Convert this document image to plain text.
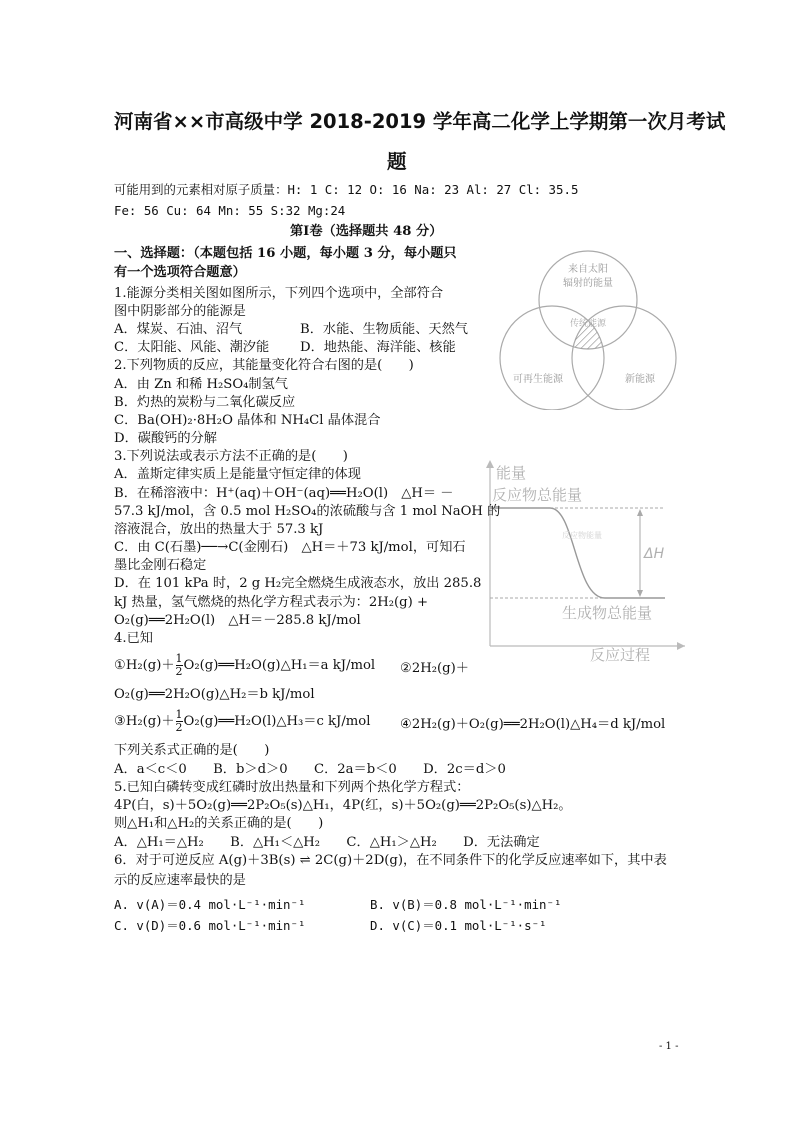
河南省××市高级中学 2018-2019 学年高二化学上学期第一次月考试
题
可能用到的元素相对原子质量：H: 1 C: 12 O: 16 Na: 23 Al: 27 Cl: 35.5
Fe: 56 Cu: 64 Mn: 55 S:32 Mg:24
第Ⅰ卷（选择题共 48 分）
一、选择题：（本题包括 16 小题，每小题 3 分，每小题只
有一个选项符合题意）
1.能源分类相关图如图所示，下列四个选项中，全部符合
图中阴影部分的能源是
A．煤炭、石油、沼气	B．水能、生物质能、天然气
C．太阳能、风能、潮汐能 D．地热能、海洋能、核能
来自太阳
辐射的能量
传统能源
可再生能源	新能源
2.下列物质的反应，其能量变化符合右图的是(　　)
A．由 Zn 和稀 H₂SO₄制氢气
B．灼热的炭粉与二氧化碳反应
C．Ba(OH)₂·8H₂O 晶体和 NH₄Cl 晶体混合
D．碳酸钙的分解
能量
反应物总能量
反应物能量
ΔH
生成物总能量
反应过程
3.下列说法或表示方法不正确的是(　　)
A．盖斯定律实质上是能量守恒定律的体现
B．在稀溶液中：H⁺(aq)＋OH⁻(aq)══H₂O(l)　△H＝ －
57.3 kJ/mol，含 0.5 mol H₂SO₄的浓硫酸与含 1 mol NaOH 的
溶液混合，放出的热量大于 57.3 kJ
C．由 C(石墨)──→C(金刚石)　△H＝＋73 kJ/mol，可知石
墨比金刚石稳定
D．在 101 kPa 时，2 g H₂完全燃烧生成液态水，放出 285.8
kJ 热量，氢气燃烧的热化学方程式表示为：2H₂(g) +
O₂(g)══2H₂O(l)　△H＝－285.8 kJ/mol
4.已知
①H₂(g)＋ $\frac{1}{2}$ O₂(g)══H₂O(g)△H₁＝a kJ/mol ②2H₂(g)＋
O₂(g)══2H₂O(g)△H₂＝b kJ/mol
③H₂(g)＋ $\frac{1}{2}$ O₂(g)══H₂O(l)△H₃＝c kJ/mol ④2H₂(g)＋O₂(g)══2H₂O(l)△H₄＝d kJ/mol
下列关系式正确的是(　　)
A．a＜c＜0　　B．b＞d＞0　　C．2a＝b＜0　　D．2c＝d＞0
5.已知白磷转变成红磷时放出热量和下列两个热化学方程式：
4P(白，s)＋5O₂(g)══2P₂O₅(s)△H₁，4P(红，s)＋5O₂(g)══2P₂O₅(s)△H₂。
则△H₁和△H₂的关系正确的是(　　)
A．△H₁＝△H₂　　B．△H₁＜△H₂　　C．△H₁＞△H₂　　D．无法确定
6．对于可逆反应 A(g)＋3B(s) ⇌ 2C(g)＋2D(g)，在不同条件下的化学反应速率如下，其中表
示的反应速率最快的是
A. v(A)＝0.4 mol·L⁻¹·min⁻¹	B. v(B)＝0.8 mol·L⁻¹·min⁻¹
C. v(D)＝0.6 mol·L⁻¹·min⁻¹	D. v(C)＝0.1 mol·L⁻¹·s⁻¹
- 1 -
